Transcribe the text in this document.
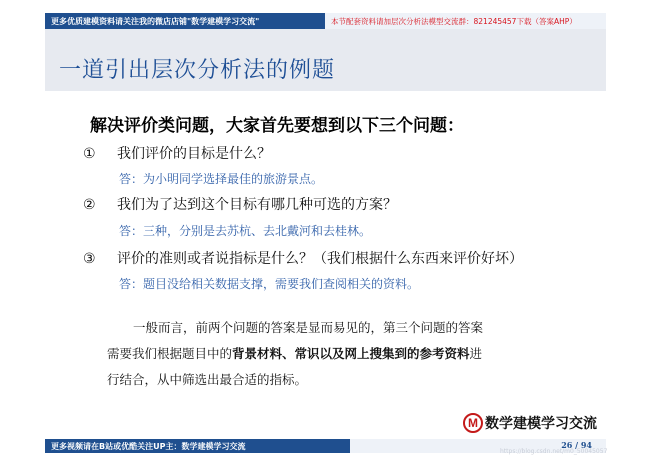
更多优质建模资料请关注我的微店店铺"数学建模学习交流"	本节配套资料请加层次分析法模型交流群：821245457下载（答案AHP）
一道引出层次分析法的例题
解决评价类问题，大家首先要想到以下三个问题：
① 我们评价的目标是什么？
答：为小明同学选择最佳的旅游景点。
② 我们为了达到这个目标有哪几种可选的方案？
答：三种，分别是去苏杭、去北戴河和去桂林。
③ 评价的准则或者说指标是什么？（我们根据什么东西来评价好坏）
答：题目没给相关数据支撑，需要我们查阅相关的资料。
一般而言，前两个问题的答案是显而易见的，第三个问题的答案
需要我们根据题目中的背景材料、常识以及网上搜集到的参考资料进
行结合，从中筛选出最合适的指标。
M 数学建模学习交流
更多视频请在B站或优酷关注UP主：数学建模学习交流	26 / 94
https://blog.csdn.net/m0_50045057
